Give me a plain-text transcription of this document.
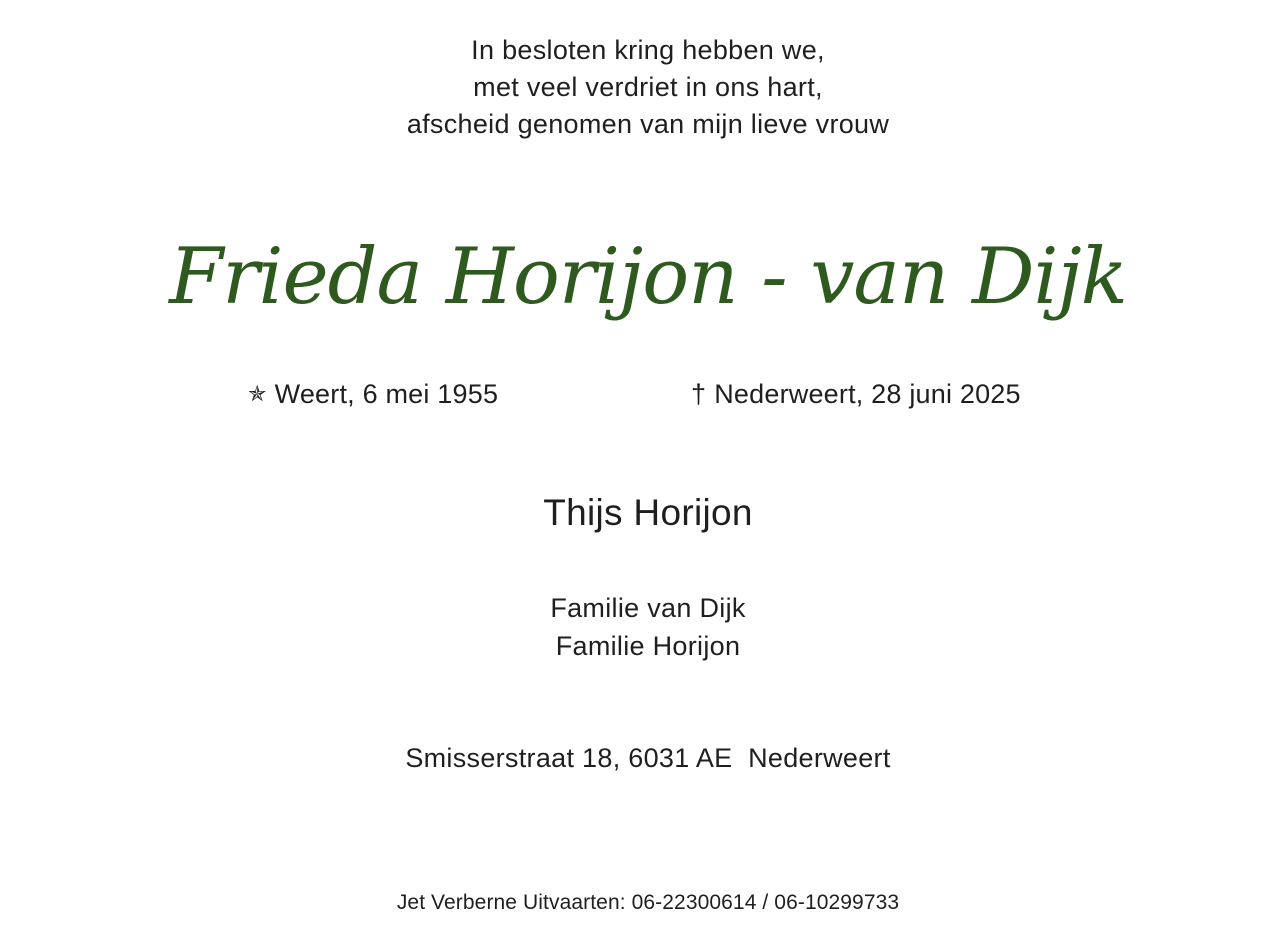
In besloten kring hebben we,
met veel verdriet in ons hart,
afscheid genomen van mijn lieve vrouw
Frieda Horijon - van Dijk
✯ Weert, 6 mei 1955	† Nederweert, 28 juni 2025
Thijs Horijon
Familie van Dijk
Familie Horijon
Smisserstraat 18, 6031 AE  Nederweert
Jet Verberne Uitvaarten: 06-22300614 / 06-10299733
